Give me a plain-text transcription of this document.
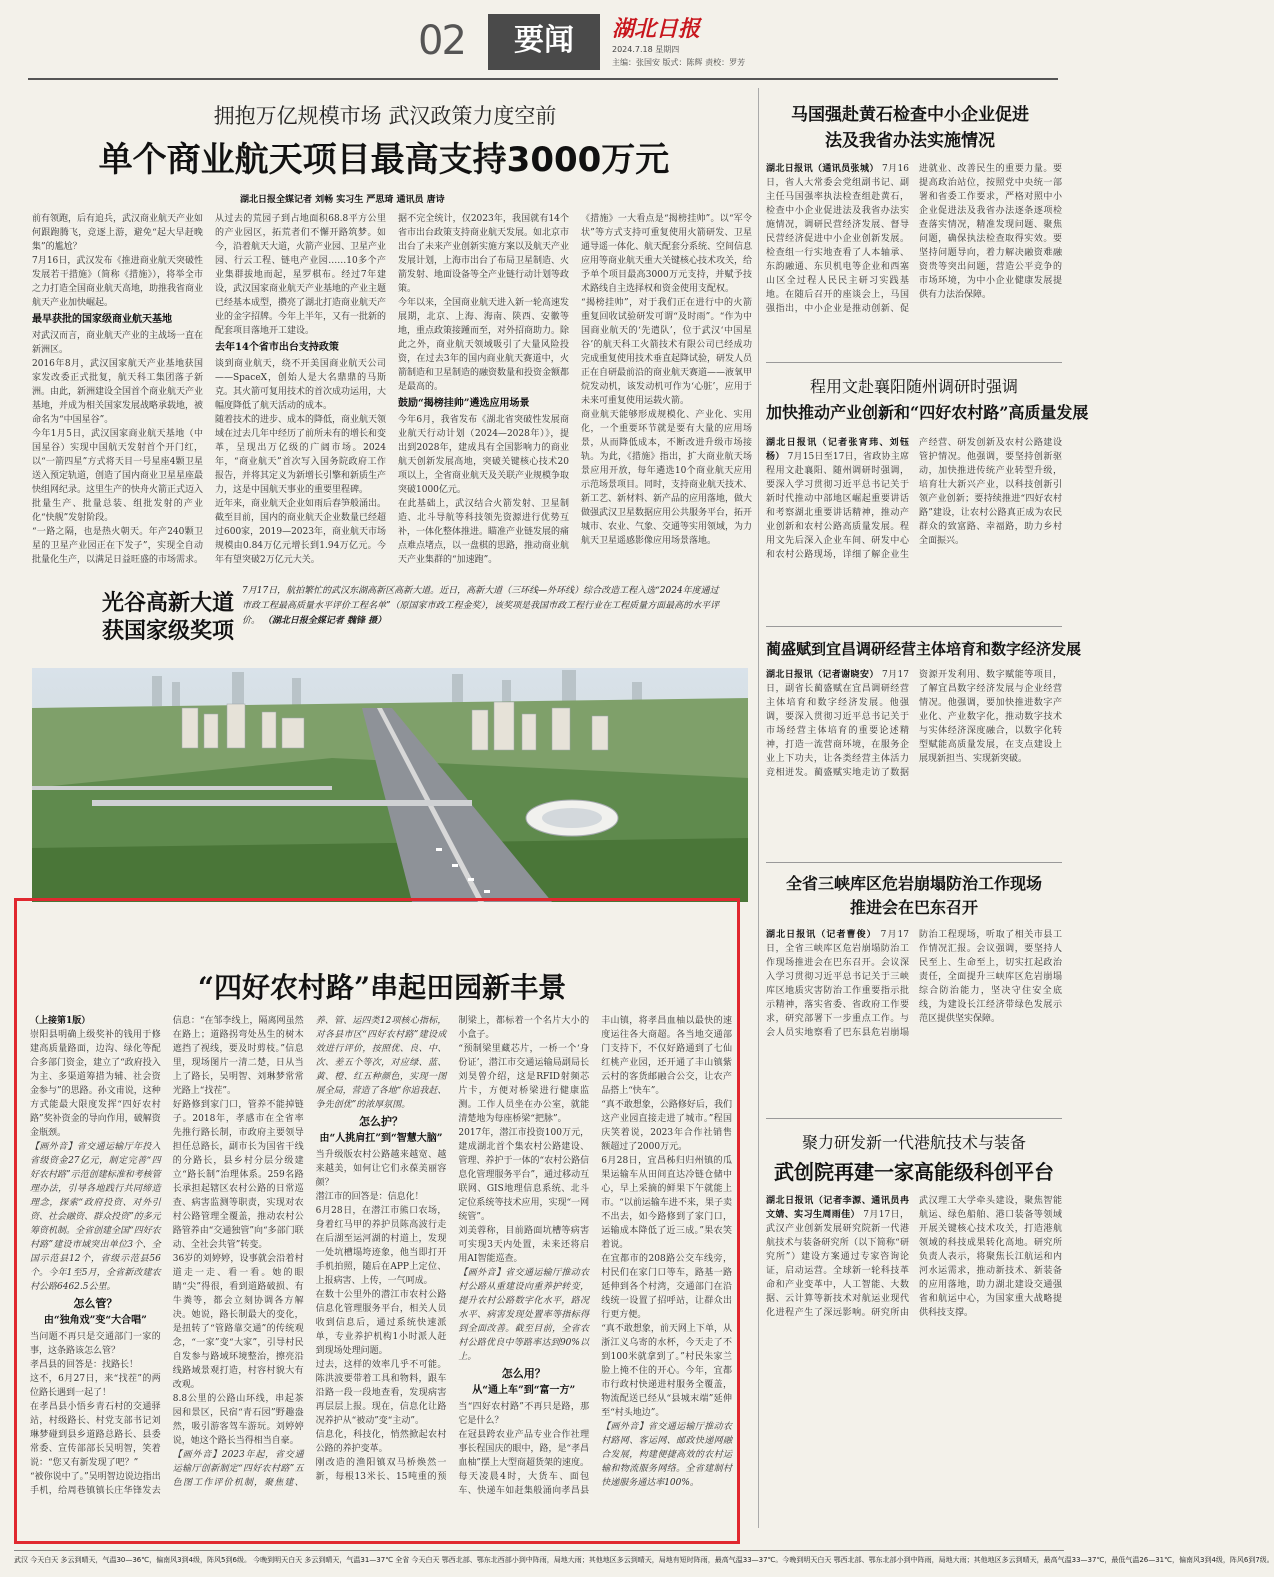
02	要闻	湖北日报
2024.7.18 星期四
主编：张国安 版式：陈辉 责校：罗芳
拥抱万亿规模市场 武汉政策力度空前
单个商业航天项目最高支持3000万元
湖北日报全媒记者 刘畅 实习生 严思琦 通讯员 唐诗

前有领跑，后有追兵，武汉商业航天产业如何跟跑腾飞，竞逐上游，避免“起大早赶晚集”的尴尬？

7月16日，武汉发布《推进商业航天突破性发展若干措施》（简称《措施》），将举全市之力打造全国商业航天高地，助推我省商业航天产业加快崛起。

最早获批的国家级商业航天基地

对武汉而言，商业航天产业的主战场一直在新洲区。

2016年8月，武汉国家航天产业基地获国家发改委正式批复，航天科工集团落子新洲。由此，新洲建设全国首个商业航天产业基地，并成为相关国家发展战略承载地，被命名为“中国星谷”。

今年1月5日，武汉国家商业航天基地（中国星谷）实现中国航天发射首个开门红，以“一箭四星”方式将天目一号星座4颗卫星送入预定轨道，创造了国内商业卫星星座最快组网纪录。这里生产的快舟火箭正式迈入批量生产、批量总装、组批发射的产业化“快舰”发射阶段。

“一路之隔，也是热火朝天。年产240颗卫星的卫星产业园正在下发子”，实现全自动批量化生产，以满足日益旺盛的市场需求。

从过去的荒园子到占地面积68.8平方公里的产业园区，拓荒者们不懈开路筑梦。如今，沿着航天大道，火箭产业园、卫星产业园、行云工程、链电产业园……10多个产业集群拔地而起，星罗棋布。经过7年建设，武汉国家商业航天产业基地的产业主题已经基本成型，攒亮了湖北打造商业航天产业的金字招牌。今年上半年，又有一批新的配套项目落地开工建设。

去年14个省市出台支持政策

谈到商业航天，绕不开美国商业航天公司——SpaceX，创始人是大名鼎鼎的马斯克。其火箭可复用技术的首次成功运用，大幅度降低了航天活动的成本。

随着技术的进步、成本的降低，商业航天领域在过去几年中经历了前所未有的增长和变革，呈现出万亿级的广阔市场。2024年，“商业航天”首次写入国务院政府工作报告，并将其定义为新增长引擎和新质生产力，这是中国航天事业的重要里程碑。

近年来，商业航天企业如雨后春笋般涌出。截至目前，国内的商业航天企业数量已经超过600家，2019—2023年，商业航天市场规模由0.84万亿元增长到1.94万亿元。今年有望突破2万亿元大关。

据不完全统计，仅2023年，我国就有14个省市出台政策支持商业航天发展。如北京市出台了未来产业创新实施方案以及航天产业发展计划，上海市出台了布局卫星制造、火箭发射、地面设备等全产业链行动计划等政策。

今年以来，全国商业航天进入新一轮高速发展期，北京、上海、海南、陕西、安徽等地，重点政策接踵而至，对外招商助力。除此之外，商业航天领域吸引了大量风险投资，在过去3年的国内商业航天赛道中，火箭制造和卫星制造的融资数量和投资金额都是最高的。

鼓励“揭榜挂帅”遴选应用场景

今年6月，我省发布《湖北省突破性发展商业航天行动计划（2024—2028年）》，提出到2028年，建成具有全国影响力的商业航天创新发展高地，突破关键核心技术20项以上，全省商业航天及关联产业规模争取突破1000亿元。

在此基础上，武汉结合火箭发射、卫星制造、北斗导航等科技领先资源进行优势互补，一体化整体推进。瞄准产业链发展的痛点难点堵点，以一盘棋的思路，推动商业航天产业集群的“加速跑”。

《措施》一大看点是“揭榜挂帅”。以“军令状”等方式支持可重复使用火箭研发、卫星通导遥一体化、航天配套分系统、空间信息应用等商业航天重大关键核心技术攻关，给予单个项目最高3000万元支持，并赋予技术路线自主选择权和资金使用支配权。

“揭榜挂帅”，对于我们正在进行中的火箭重复回收试验研发可谓“及时雨”。“作为中国商业航天的‘先遣队’，位于武汉‘中国星谷’的航天科工火箭技术有限公司已经成功完成重复使用技术垂直起降试验，研发人员正在自研最前沿的商业航天赛道——液氧甲烷发动机，该发动机可作为‘心脏’，应用于未来可重复使用运载火箭。

商业航天能够形成规模化、产业化、实用化，一个重要环节就是要有大量的应用场景，从而降低成本，不断改进升级市场接轨。为此，《措施》指出，扩大商业航天场景应用开放，每年遴选10个商业航天应用示范场景项目。同时，支持商业航天技术、新工艺、新材料、新产品的应用落地，做大做强武汉卫星数据应用公共服务平台，拓开城市、农业、气象、交通等实用领域，为力航天卫星遥感影像应用场景落地。

马国强赴黄石检查中小企业促进法及我省办法实施情况
湖北日报讯（通讯员张城） 7月16日，省人大常委会党组副书记、副主任马国强率执法检查组赴黄石，检查中小企业促进法及我省办法实施情况，调研民营经济发展、督导民营经济促进中小企业创新发展。检查组一行实地查看了人本轴承、东韵融通、东贝机电等企业和西塞山区全过程人民民主研习实践基地。在随后召开的座谈会上，马国强指出，中小企业是推动创新、促进就业、改善民生的重要力量。要提高政治站位，按照党中央统一部署和省委工作要求，严格对照中小企业促进法及我省办法逐条逐项检查落实情况，精准发现问题、聚焦问题，确保执法检查取得实效。要坚持问题导向，着力解决融资难融资贵等突出问题，营造公平竞争的市场环境，为中小企业健康发展提供有力法治保障。
程用文赴襄阳随州调研时强调
加快推动产业创新和“四好农村路”高质量发展
湖北日报讯（记者张宵玮、刘钰杨） 7月15日至17日，省政协主席程用文赴襄阳、随州调研时强调，要深入学习贯彻习近平总书记关于新时代推动中部地区崛起重要讲话和考察湖北重要讲话精神，推动产业创新和农村公路高质量发展。程用文先后深入企业车间、研发中心和农村公路现场，详细了解企业生产经营、研发创新及农村公路建设管护情况。他强调，要坚持创新驱动，加快推进传统产业转型升级，培育壮大新兴产业，以科技创新引领产业创新；要持续推进“四好农村路”建设，让农村公路真正成为农民群众的致富路、幸福路，助力乡村全面振兴。
蔺盛赋到宜昌调研经营主体培育和数字经济发展
湖北日报讯（记者谢晓安） 7月17日，副省长蔺盛赋在宜昌调研经营主体培育和数字经济发展。他强调，要深入贯彻习近平总书记关于市场经营主体培育的重要论述精神，打造一流营商环境，在服务企业上下功夫，让各类经营主体活力竞相迸发。蔺盛赋实地走访了数据资源开发利用、数字赋能等项目，了解宜昌数字经济发展与企业经营情况。他强调，要加快推进数字产业化、产业数字化，推动数字技术与实体经济深度融合，以数字化转型赋能高质量发展，在支点建设上展现新担当、实现新突破。
全省三峡库区危岩崩塌防治工作现场推进会在巴东召开
湖北日报讯（记者曹俊） 7月17日，全省三峡库区危岩崩塌防治工作现场推进会在巴东召开。会议深入学习贯彻习近平总书记关于三峡库区地质灾害防治工作重要指示批示精神，落实省委、省政府工作要求，研究部署下一步重点工作。与会人员实地察看了巴东县危岩崩塌防治工程现场，听取了相关市县工作情况汇报。会议强调，要坚持人民至上、生命至上，切实扛起政治责任，全面提升三峡库区危岩崩塌综合防治能力，坚决守住安全底线，为建设长江经济带绿色发展示范区提供坚实保障。
聚力研发新一代港航技术与装备
武创院再建一家高能级科创平台
湖北日报讯（记者李源、通讯员冉文婧、实习生周雨佳） 7月17日，武汉产业创新发展研究院新一代港航技术与装备研究所（以下简称“研究所”）建设方案通过专家咨询论证，启动运营。全球新一轮科技革命和产业变革中，人工智能、大数据、云计算等新技术对航运业现代化进程产生了深远影响。研究所由武汉理工大学牵头建设，聚焦智能航运、绿色船舶、港口装备等领域开展关键核心技术攻关，打造港航领域的科技成果转化高地。研究所负责人表示，将聚焦长江航运和内河水运需求，推动新技术、新装备的应用落地，助力湖北建设交通强省和航运中心，为国家重大战略提供科技支撑。
光谷高新大道
获国家级奖项
7月17日，航拍繁忙的武汉东湖高新区高新大道。近日，高新大道（三环线—外环线）综合改造工程入选“2024年度通过市政工程最高质量水平评价工程名单”（原国家市政工程金奖），该奖项是我国市政工程行业在工程质量方面最高的水平评价。 （湖北日报全媒记者 魏锋 摄）
“四好农村路”串起田园新丰景
（上接第1版）

崇阳县明确上级奖补的钱用于修建高质量路面，边沟、绿化等配合多部门资金，建立了“政府投入为主、多渠道筹措为辅、社会资金参与”的思路。孙文甫说，这种方式能最大限度发挥“四好农村路”奖补资金的导向作用，破解资金瓶颈。

【画外音】省交通运输厅年投入省级资金27亿元，制定完善“四好农村路”示范创建标准和考核管理办法，引导各地践行共同缔造理念，探索“政府投资、对外引资、社会融资、群众投资”的多元筹资机制。全省创建全国“四好农村路”建设市域突出单位3个、全国示范县12个，省级示范县56个。今年1至5月，全省新改建农村公路6462.5公里。

怎么管？
由“独角戏”变“大合唱”

当问题不再只是交通部门一家的事，这条路该怎么管？

孝昌县的回答是：找路长！

这不，6月27日，来“找茬”的两位路长遇到一起了！

在孝昌县小悟乡青石村的交通驿站，村级路长、村党支部书记刘琳梦碰到县乡道路总路长、县委常委、宣传部部长吴明智，笑着说：“您又有新发现了吧？”

“被你说中了。”吴明智边说边指出手机，给周巷镇镇长庄华锋发去信息：“在邹李线上，隔离网虽然在路上；道路拐弯处丛生的树木遮挡了视线，要及时剪枝。”信息里，现场图片一清二楚，日从当上了路长，吴明智、刘琳梦常常光路上“找茬”。

好路修到家门口，管养不能掉链子。2018年，孝感市在全省率先推行路长制，市政府主要领导担任总路长，副市长为国省干线的分路长，县乡村分层分级建立“路长制”治理体系。259名路长承担起辖区农村公路的日常巡查、病害监测等职责，实现对农村公路管理全覆盖，推动农村公路管养由“交通独管”向“多部门联动、全社会共管”转变。

36岁的刘婷婷，设事就会沿着村道走一走、看一看。她的眼睛“尖”得很，看到道路破损、有牛粪等，都会立刻协调各方解决。她说，路长制最大的变化，是扭转了“管路靠交通”的传统观念，“一家”变“大家”，引导村民自发参与路域环境整治，擦亮沿线路域景观打造，村容村貌大有改观。

8.8公里的公路山环线，串起茶园和景区，民宿“青石园”野趣盎然，吸引游客驾车游玩。刘婷婷说，她这个路长当得相当自豪。

【画外音】2023年起，省交通运输厅创新制定“四好农村路”五色图工作评价机制，聚焦建、养、管、运四类12项核心指标，对各县市区“四好农村路”建设成效进行评价，按照优、良、中、次、差五个等次，对应绿、蓝、黄、橙、红五种颜色，实现一图展全局，营造了各地“你追我赶、争先创优”的浓厚氛围。

怎么护？
由“人挑肩扛”到“智慧大脑”

当升级版农村公路越来越宽、越来越美，如何让它们永葆美丽容颜？

潜江市的回答是：信息化！

6月28日，在潜江市熊口农场，身着红马甲的养护员陈高波行走在后湖至运河湖的村道上，发现一处坑槽塌垮迹象，他当即打开手机拍照，随后在APP上定位、上报病害、上传，一气呵成。

在数十公里外的潜江市农村公路信息化管理服务平台，相关人员收到信息后，通过系统快速派单，专业养护机构1小时派人赶到现场处理问题。

过去，这样的效率几乎不可能。陈洪波要带着工具和物料，跟车沿路一段一段地查看，发现病害再层层上报。现在，信息化让路况养护从“被动”变“主动”。

信息化，科技化，悄然掀起农村公路的养护变革。

刚改造的渔阳镇双马桥焕然一新，每根13米长、15吨重的预制梁上，都标着一个名片大小的小盒子。

“预制梁里藏芯片，一桥一个‘身份证’，潜江市交通运输局副局长刘昊曾介绍，这是RFID射频芯片卡，方便对桥梁进行健康监测。工作人员坐在办公室，就能清楚地为每座桥梁“把脉”。

2017年，潜江市投资100万元，建成湖北首个集农村公路建设、管理、养护于一体的“农村公路信息化管理服务平台”，通过移动互联网、GIS地理信息系统、北斗定位系统等技术应用，实现“一网统管”。

刘美蓉称，目前路面坑槽等病害可实现3天内处置，未来还将启用AI智能巡查。

【画外音】省交通运输厅推动农村公路从重建设向重养护转变，提升农村公路数字化水平，路况水平、病害发现处置率等指标得到全面改善。截至目前，全省农村公路优良中等路率达到90%以上。

怎么用？
从“通上车”到“富一方”

当“四好农村路”不再只是路，那它是什么？

在冠县跨农业产品专业合作社理事长程国庆的眼中，路，是“孝昌血柚”摆上大型商超货架的速度。

每天凌晨4时，大货车、面包车、快递车如赶集般涌向孝昌县丰山镇，将孝昌血柚以最快的速度运往各大商超。各当地交通部门支持下，不仅好路通到了七仙红桃产业园，还开通了丰山镇紫云村的客货邮融合公交，让农产品搭上“快车”。

“真不敢想象，公路修好后，我们这产业园直接走进了城市。”程国庆笑着说，2023年合作社销售额超过了2000万元。

6月28日，宜昌秭归归州镇的瓜果运输车从田间直达冷链仓储中心，早上采摘的鲜果下午就能上市。“以前运输车进不来，果子卖不出去，如今路修到了家门口，运输成本降低了近三成。”果农笑着说。

在宜都市的208路公交车线旁，村民们在家门口等车，路基一路延伸到各个村湾，交通部门在沿线统一设置了招呼站，让群众出行更方便。

“真不敢想象，前天网上下单，从浙江义乌寄的水杯，今天走了不到100米就拿到了。”村民朱家兰脸上掩不住的开心。今年，宜都市行政村快递进村服务全覆盖，物流配送已经从“县城末端”延伸至“村头地边”。

【画外音】省交通运输厅推动农村路网、客运网、邮政快递网融合发展，构建便捷高效的农村运输和物流服务网络。全省建制村快递服务通达率100%。

武汉 今天白天 多云到晴天，气温30—36℃，偏南风3到4级，阵风5到6级。 今晚到明天白天 多云到晴天，气温31—37℃ 全省 今天白天 鄂西北部、鄂东北西部小到中阵雨，局地大雨；其他地区多云到晴天，局地有短时阵雨，最高气温33—37℃。今晚到明天白天 鄂西北部、鄂东北部小到中阵雨，局地大雨；其他地区多云到晴天，最高气温33—37℃，最低气温26—31℃，偏南风3到4级，阵风6到7级。
